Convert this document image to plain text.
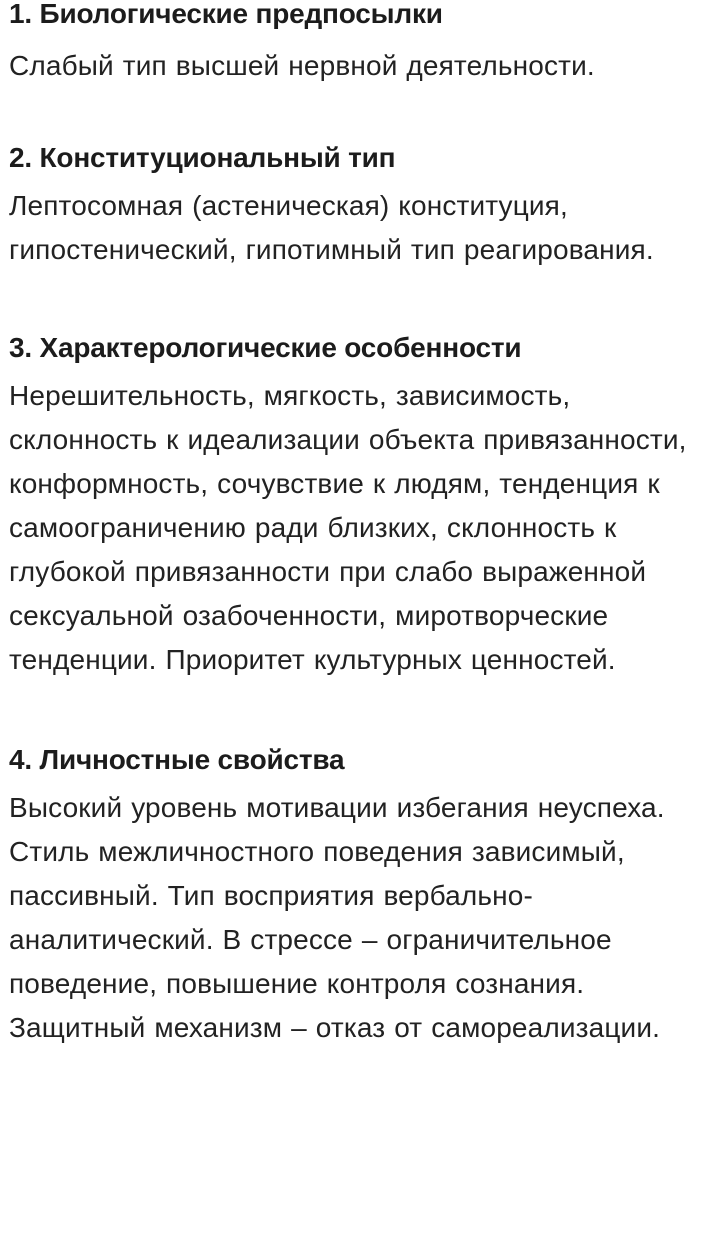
1. Биологические предпосылки

Слабый тип высшей нервной деятельности.

2. Конституциональный тип

Лептосомная (астеническая) конституция, гипостенический, гипотимный тип реагирования.

3. Характерологические особенности

Нерешительность, мягкость, зависимость, склонность к идеализации объекта привязанности, конформность, сочувствие к людям, тенденция к самоограничению ради близких, склонность к глубокой привязанности при слабо выраженной сексуальной озабоченности, миротворческие тенденции. Приоритет культурных ценностей.

4. Личностные свойства

Высокий уровень мотивации избегания неуспеха. Стиль межличностного поведения зависимый, пассивный. Тип восприятия вербально-аналитический. В стрессе – ограничительное поведение, повышение контроля сознания. Защитный механизм – отказ от самореализации.
